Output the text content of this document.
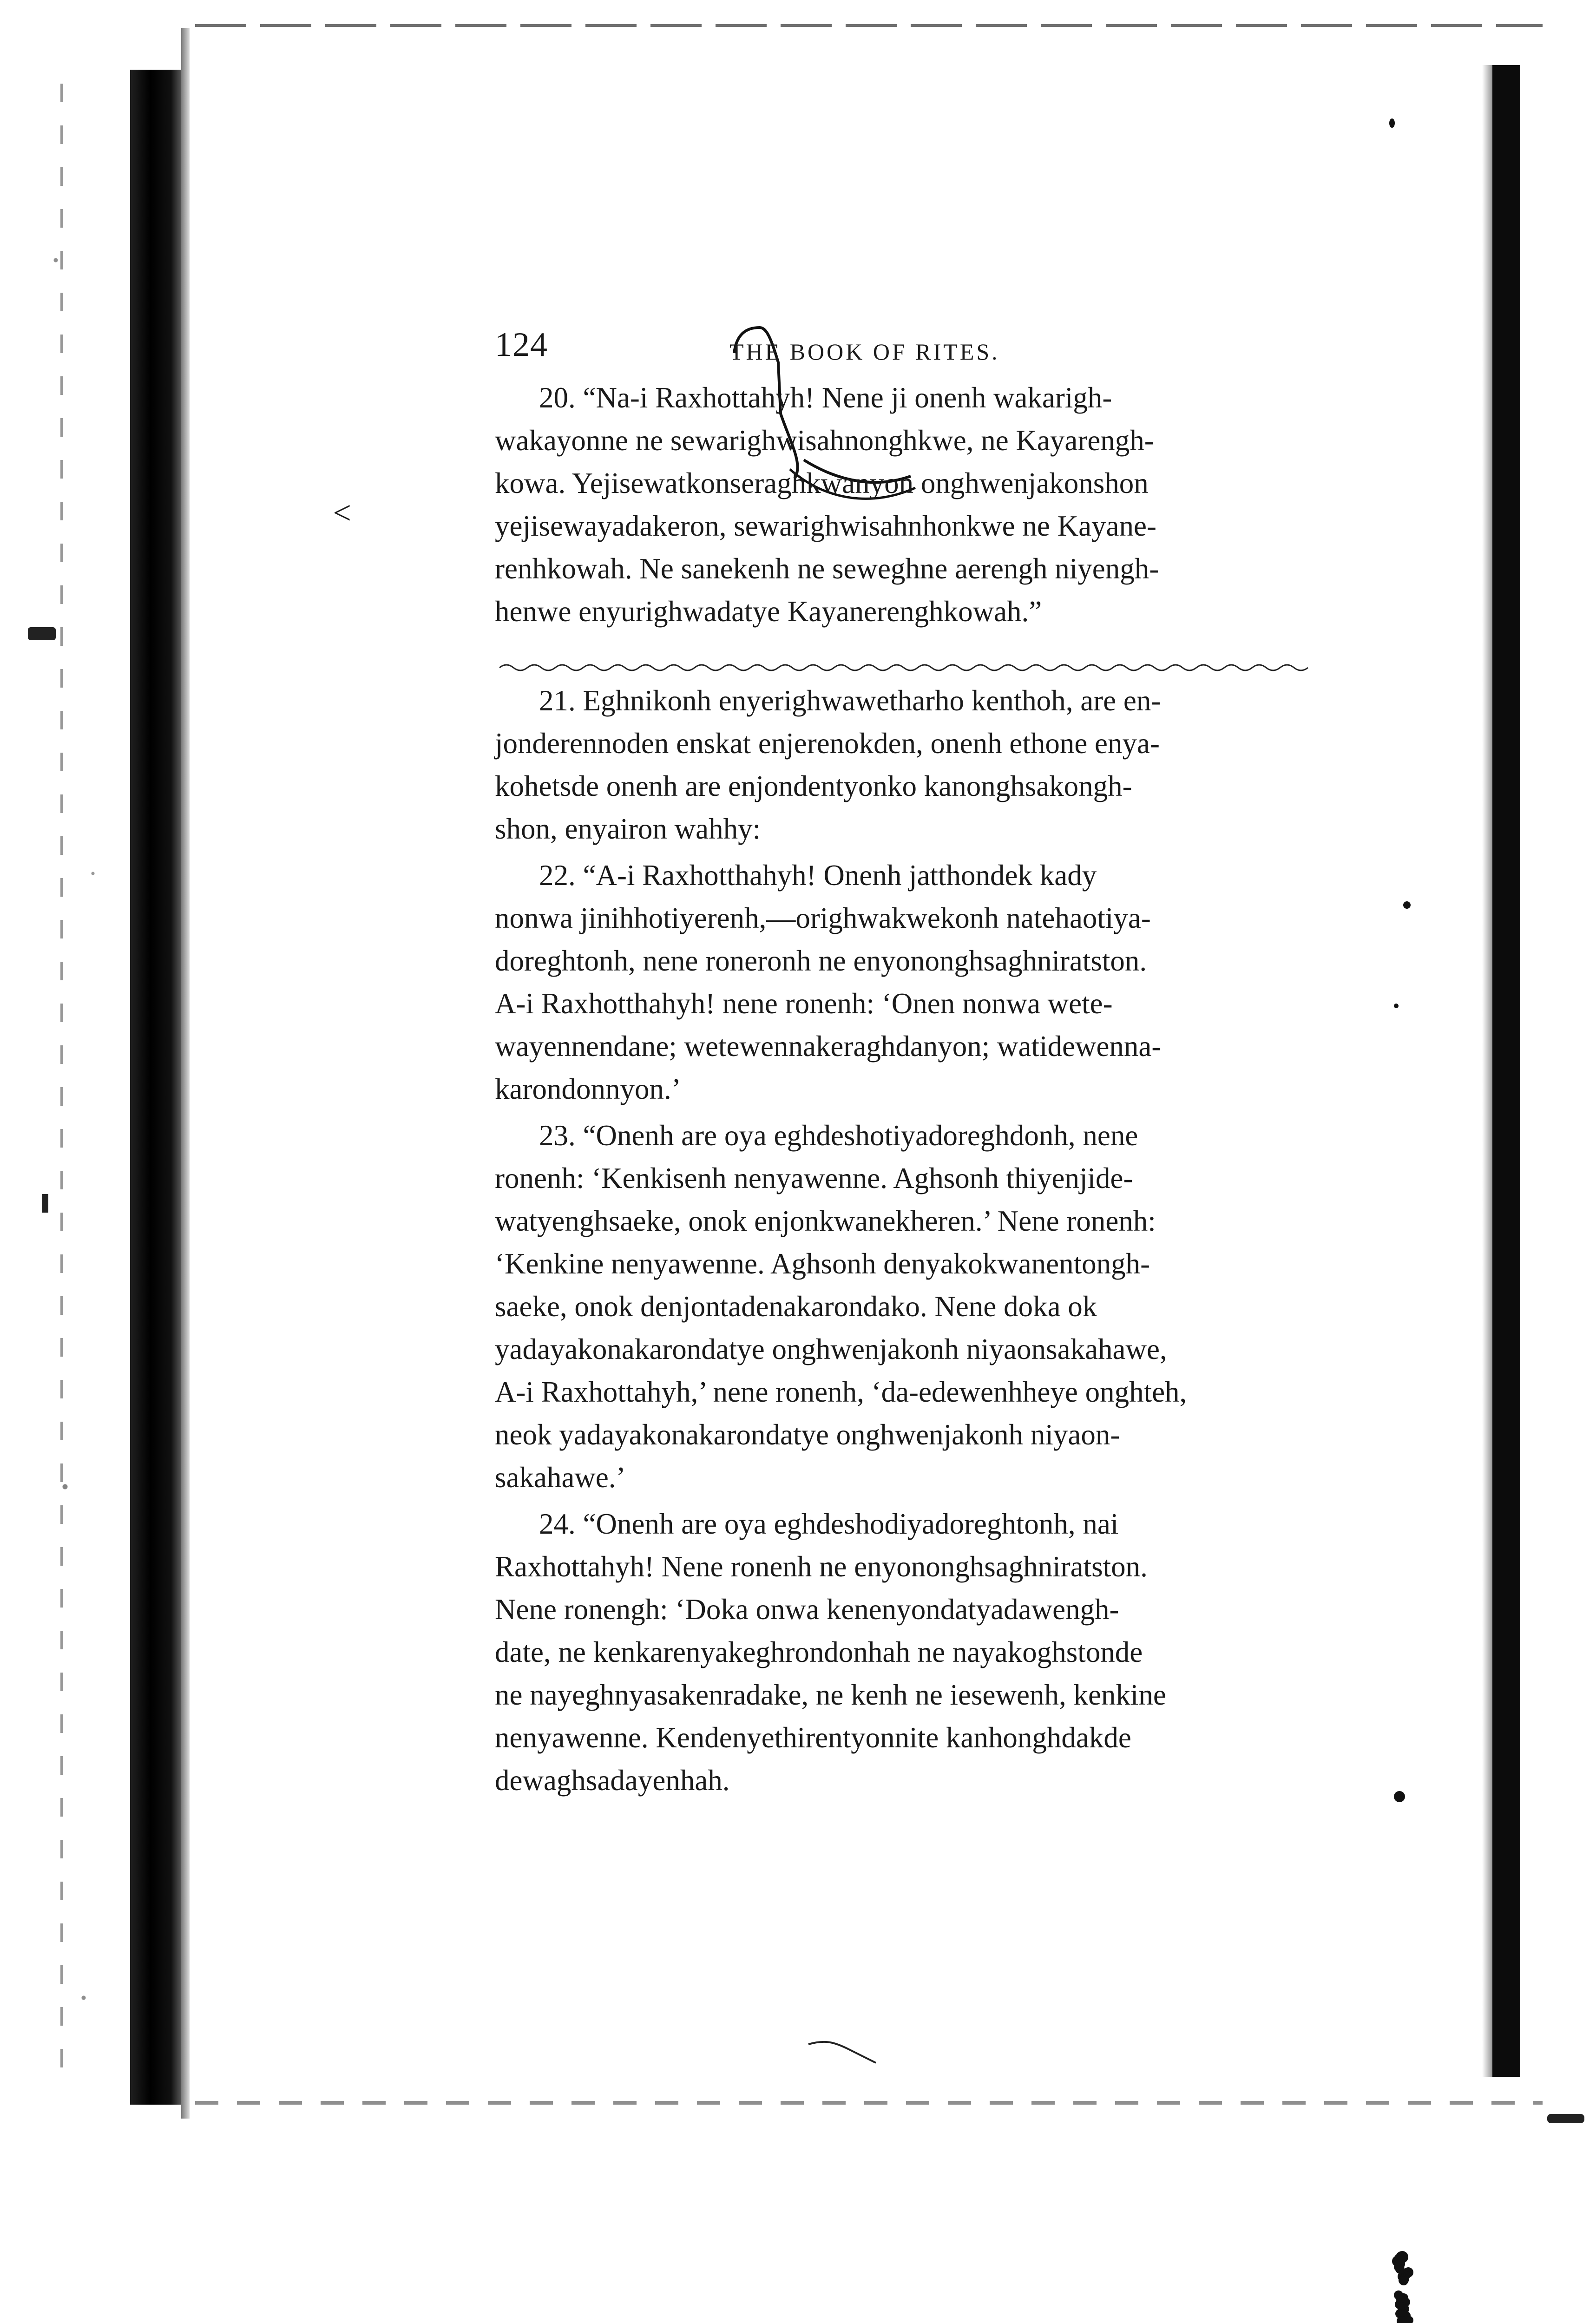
<
124	THE BOOK OF RITES.

20. “Na-i Raxhottahyh! Nene ji onenh wakarigh-
wakayonne ne sewarighwisahnonghkwe, ne Kayarengh-
kowa. Yejisewatkonseraghkwanyon onghwenjakonshon
yejisewayadakeron, sewarighwisahnhonkwe ne Kayane-
renhkowah. Ne sanekenh ne seweghne aerengh niyengh-
henwe enyurighwadatye Kayanerenghkowah.”

21. Eghnikonh enyerighwawetharho kenthoh, are en-
jonderennoden enskat enjerenokden, onenh ethone enya-
kohetsde onenh are enjondentyonko kanonghsakongh-
shon, enyairon wahhy:

22. “A-i Raxhotthahyh! Onenh jatthondek kady
nonwa jinihhotiyerenh,—orighwakwekonh natehaotiya-
doreghtonh, nene roneronh ne enyononghsaghniratston.
A-i Raxhotthahyh! nene ronenh: ‘Onen nonwa wete-
wayennendane; wetewennakeraghdanyon; watidewenna-
karondonnyon.’

23. “Onenh are oya eghdeshotiyadoreghdonh, nene
ronenh: ‘Kenkisenh nenyawenne. Aghsonh thiyenjide-
watyenghsaeke, onok enjonkwanekheren.’ Nene ronenh:
‘Kenkine nenyawenne. Aghsonh denyakokwanentongh-
saeke, onok denjontadenakarondako. Nene doka ok
yadayakonakarondatye onghwenjakonh niyaonsakahawe,
A-i Raxhottahyh,’ nene ronenh, ‘da-edewenhheye onghteh,
neok yadayakonakarondatye onghwenjakonh niyaon-
sakahawe.’

24. “Onenh are oya eghdeshodiyadoreghtonh, nai
Raxhottahyh! Nene ronenh ne enyononghsaghniratston.
Nene ronengh: ‘Doka onwa kenenyondatyadawengh-
date, ne kenkarenyakeghrondonhah ne nayakoghstonde
ne nayeghnyasakenradake, ne kenh ne iesewenh, kenkine
nenyawenne. Kendenyethirentyonnite kanhonghdakde
dewaghsadayenhah.
